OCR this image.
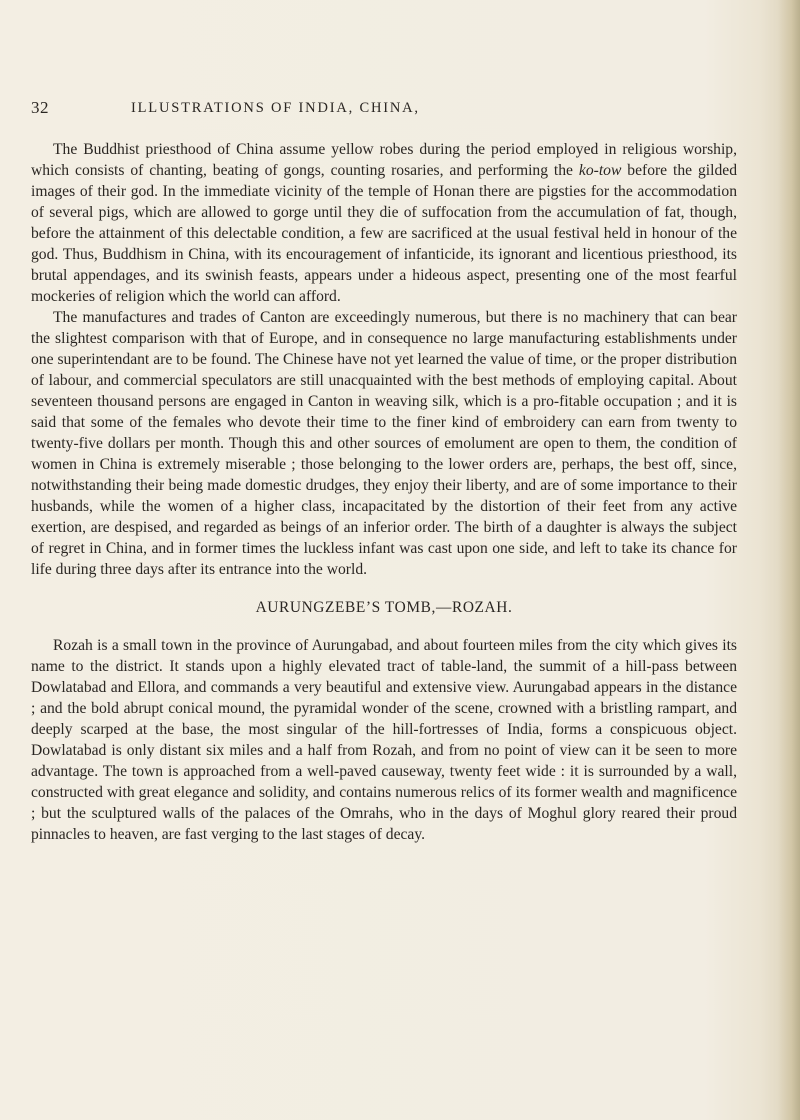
32	ILLUSTRATIONS OF INDIA, CHINA,

The Buddhist priesthood of China assume yellow robes during the period employed in religious worship, which consists of chanting, beating of gongs, counting rosaries, and performing the ko-tow before the gilded images of their god. In the immediate vicinity of the temple of Honan there are pigsties for the accommodation of several pigs, which are allowed to gorge until they die of suffocation from the accumulation of fat, though, before the attainment of this delectable condition, a few are sacrificed at the usual festival held in honour of the god. Thus, Buddhism in China, with its encouragement of infanticide, its ignorant and licentious priesthood, its brutal appendages, and its swinish feasts, appears under a hideous aspect, presenting one of the most fearful mockeries of religion which the world can afford.

The manufactures and trades of Canton are exceedingly numerous, but there is no machinery that can bear the slightest comparison with that of Europe, and in consequence no large manufacturing establishments under one superintendant are to be found. The Chinese have not yet learned the value of time, or the proper distribution of labour, and commercial speculators are still unacquainted with the best methods of employing capital. About seventeen thousand persons are engaged in Canton in weaving silk, which is a pro-fitable occupation ; and it is said that some of the females who devote their time to the finer kind of embroidery can earn from twenty to twenty-five dollars per month. Though this and other sources of emolument are open to them, the condition of women in China is extremely miserable ; those belonging to the lower orders are, perhaps, the best off, since, notwithstanding their being made domestic drudges, they enjoy their liberty, and are of some importance to their husbands, while the women of a higher class, incapacitated by the distortion of their feet from any active exertion, are despised, and regarded as beings of an inferior order. The birth of a daughter is always the subject of regret in China, and in former times the luckless infant was cast upon one side, and left to take its chance for life during three days after its entrance into the world.

AURUNGZEBE’S TOMB,—ROZAH.

Rozah is a small town in the province of Aurungabad, and about fourteen miles from the city which gives its name to the district. It stands upon a highly elevated tract of table-land, the summit of a hill-pass between Dowlatabad and Ellora, and commands a very beautiful and extensive view. Aurungabad appears in the distance ; and the bold abrupt conical mound, the pyramidal wonder of the scene, crowned with a bristling rampart, and deeply scarped at the base, the most singular of the hill-fortresses of India, forms a conspicuous object. Dowlatabad is only distant six miles and a half from Rozah, and from no point of view can it be seen to more advantage. The town is approached from a well-paved causeway, twenty feet wide : it is surrounded by a wall, constructed with great elegance and solidity, and contains numerous relics of its former wealth and magnificence ; but the sculptured walls of the palaces of the Omrahs, who in the days of Moghul glory reared their proud pinnacles to heaven, are fast verging to the last stages of decay.
